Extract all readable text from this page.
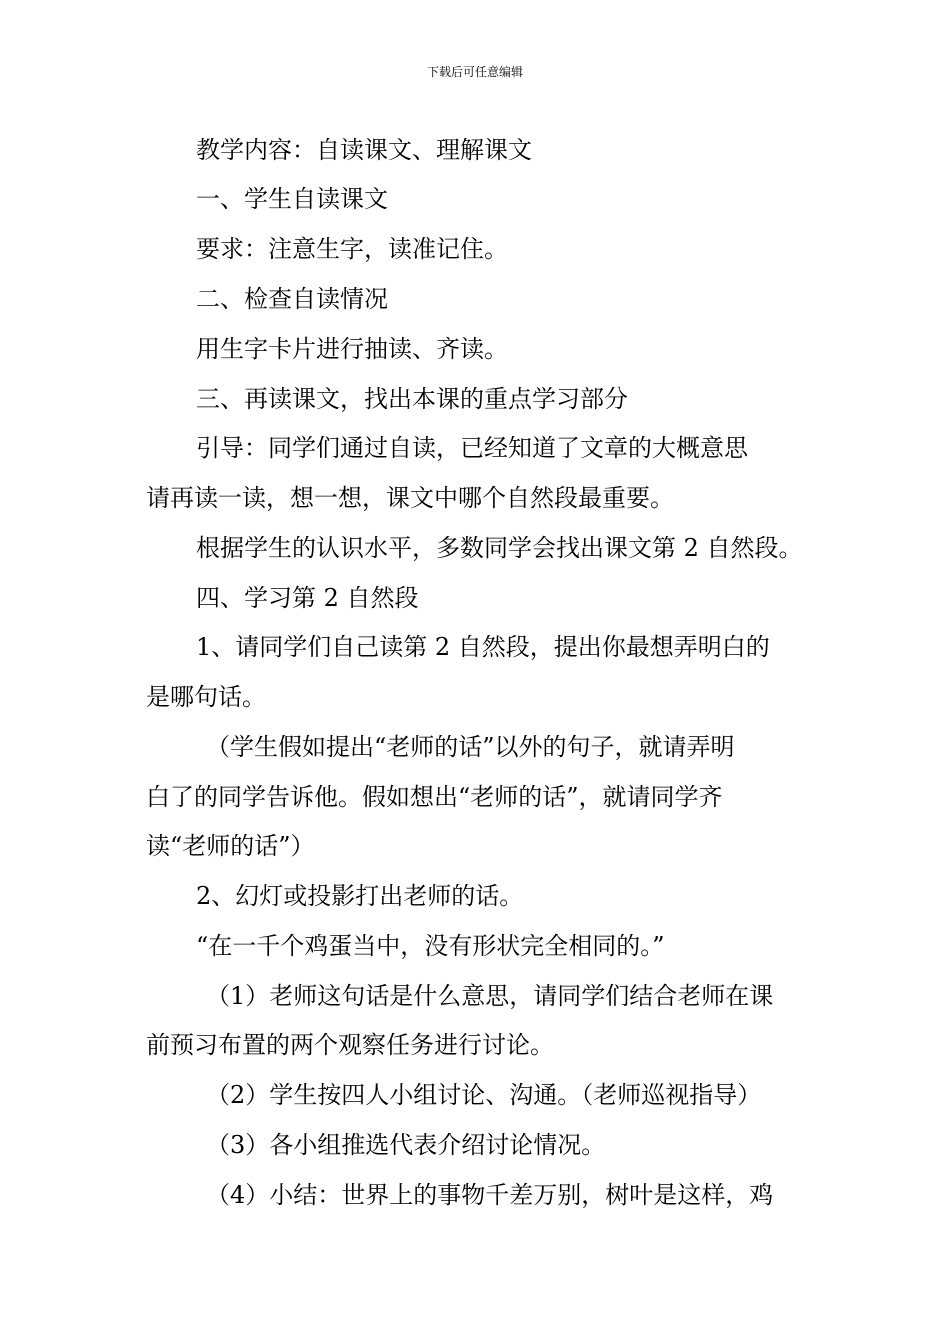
下载后可任意编辑
教学内容：自读课文、理解课文
一、学生自读课文
要求：注意生字，读准记住。
二、检查自读情况
用生字卡片进行抽读、齐读。
三、再读课文，找出本课的重点学习部分
引导：同学们通过自读，已经知道了文章的大概意思
请再读一读，想一想，课文中哪个自然段最重要。
根据学生的认识水平，多数同学会找出课文第 2 自然段。
四、学习第 2 自然段
1、请同学们自己读第 2 自然段，提出你最想弄明白的
是哪句话。
（学生假如提出“老师的话”以外的句子，就请弄明
白了的同学告诉他。假如想出“老师的话”，就请同学齐
读“老师的话”）
2、幻灯或投影打出老师的话。
“在一千个鸡蛋当中，没有形状完全相同的。”
（1）老师这句话是什么意思，请同学们结合老师在课
前预习布置的两个观察任务进行讨论。
（2）学生按四人小组讨论、沟通。（老师巡视指导）
（3）各小组推选代表介绍讨论情况。
（4）小结：世界上的事物千差万别，树叶是这样，鸡
